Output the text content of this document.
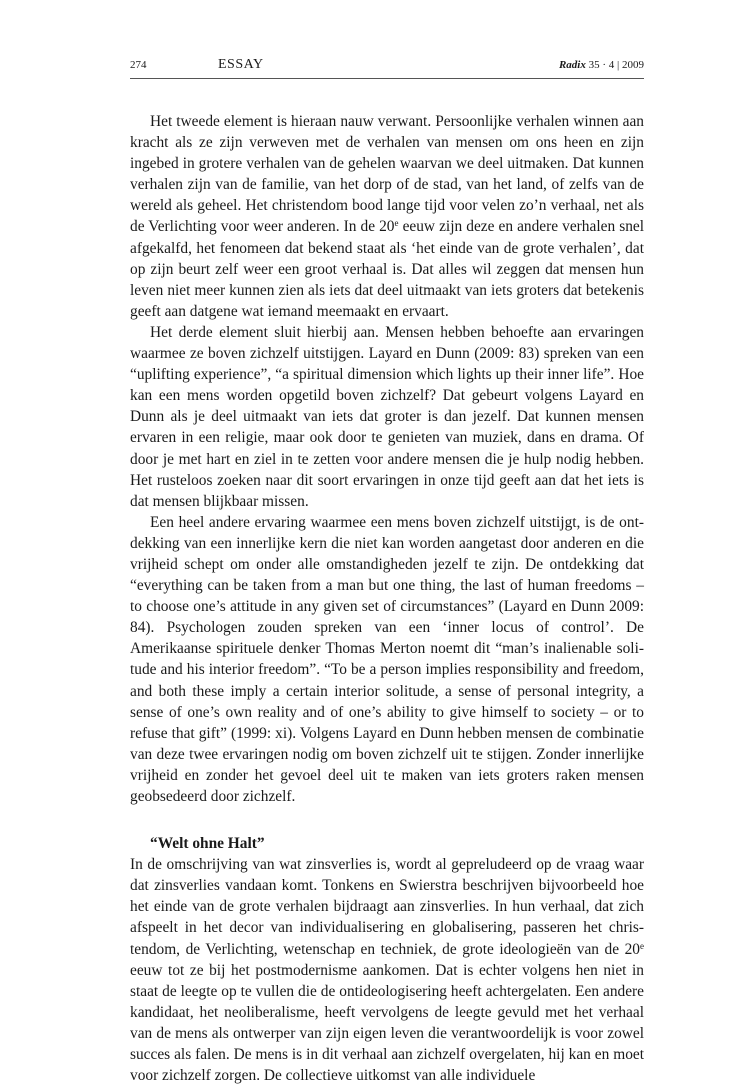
274	ESSAY	Radix 35 · 4 | 2009

Het tweede element is hieraan nauw verwant. Persoonlijke verhalen winnen aan kracht als ze zijn verweven met de verhalen van mensen om ons heen en zijn ingebed in grotere verhalen van de gehelen waarvan we deel uitmaken. Dat kunnen verhalen zijn van de familie, van het dorp of de stad, van het land, of zelfs van de wereld als geheel. Het christendom bood lange tijd voor velen zo’n verhaal, net als de Verlichting voor weer anderen. In de 20e eeuw zijn deze en andere verhalen snel afgekalfd, het fenomeen dat bekend staat als ‘het einde van de grote verhalen’, dat op zijn beurt zelf weer een groot verhaal is. Dat alles wil zeggen dat mensen hun leven niet meer kunnen zien als iets dat deel uitmaakt van iets groters dat betekenis geeft aan datgene wat iemand meemaakt en ervaart.

Het derde element sluit hierbij aan. Mensen hebben behoefte aan ervaringen waarmee ze boven zichzelf uitstijgen. Layard en Dunn (2009: 83) spreken van een “uplifting experience”, “a spiritual dimension which lights up their inner life”. Hoe kan een mens worden opgetild boven zichzelf? Dat gebeurt volgens Layard en Dunn als je deel uitmaakt van iets dat groter is dan jezelf. Dat kunnen mensen ervaren in een religie, maar ook door te genieten van muziek, dans en drama. Of door je met hart en ziel in te zetten voor andere mensen die je hulp nodig hebben. Het rusteloos zoeken naar dit soort ervaringen in onze tijd geeft aan dat het iets is dat mensen blijkbaar missen.

Een heel andere ervaring waarmee een mens boven zichzelf uitstijgt, is de ontdekking van een innerlijke kern die niet kan worden aangetast door anderen en die vrijheid schept om onder alle omstandigheden jezelf te zijn. De ontdekking dat “everything can be taken from a man but one thing, the last of human freedoms – to choose one’s attitude in any given set of circumstances” (Layard en Dunn 2009: 84). Psychologen zouden spreken van een ‘inner locus of control’. De Amerikaanse spirituele denker Thomas Merton noemt dit “man’s inalienable solitude and his interior freedom”. “To be a person implies responsibility and freedom, and both these imply a certain interior solitude, a sense of personal integrity, a sense of one’s own reality and of one’s ability to give himself to society – or to refuse that gift” (1999: xi). Volgens Layard en Dunn hebben mensen de combinatie van deze twee ervaringen nodig om boven zichzelf uit te stijgen. Zonder innerlijke vrijheid en zonder het gevoel deel uit te maken van iets groters raken mensen geobsedeerd door zichzelf.

“Welt ohne Halt”

In de omschrijving van wat zinsverlies is, wordt al gepreludeerd op de vraag waar dat zinsverlies vandaan komt. Tonkens en Swierstra beschrijven bijvoorbeeld hoe het einde van de grote verhalen bijdraagt aan zinsverlies. In hun verhaal, dat zich afspeelt in het decor van individualisering en globalisering, passeren het christendom, de Verlichting, wetenschap en techniek, de grote ideologieën van de 20e eeuw tot ze bij het postmodernisme aankomen. Dat is echter volgens hen niet in staat de leegte op te vullen die de ontideologisering heeft achtergelaten. Een andere kandidaat, het neoliberalisme, heeft vervolgens de leegte gevuld met het verhaal van de mens als ontwerper van zijn eigen leven die verantwoordelijk is voor zowel succes als falen. De mens is in dit verhaal aan zichzelf overgelaten, hij kan en moet voor zichzelf zorgen. De collectieve uitkomst van alle individuele
